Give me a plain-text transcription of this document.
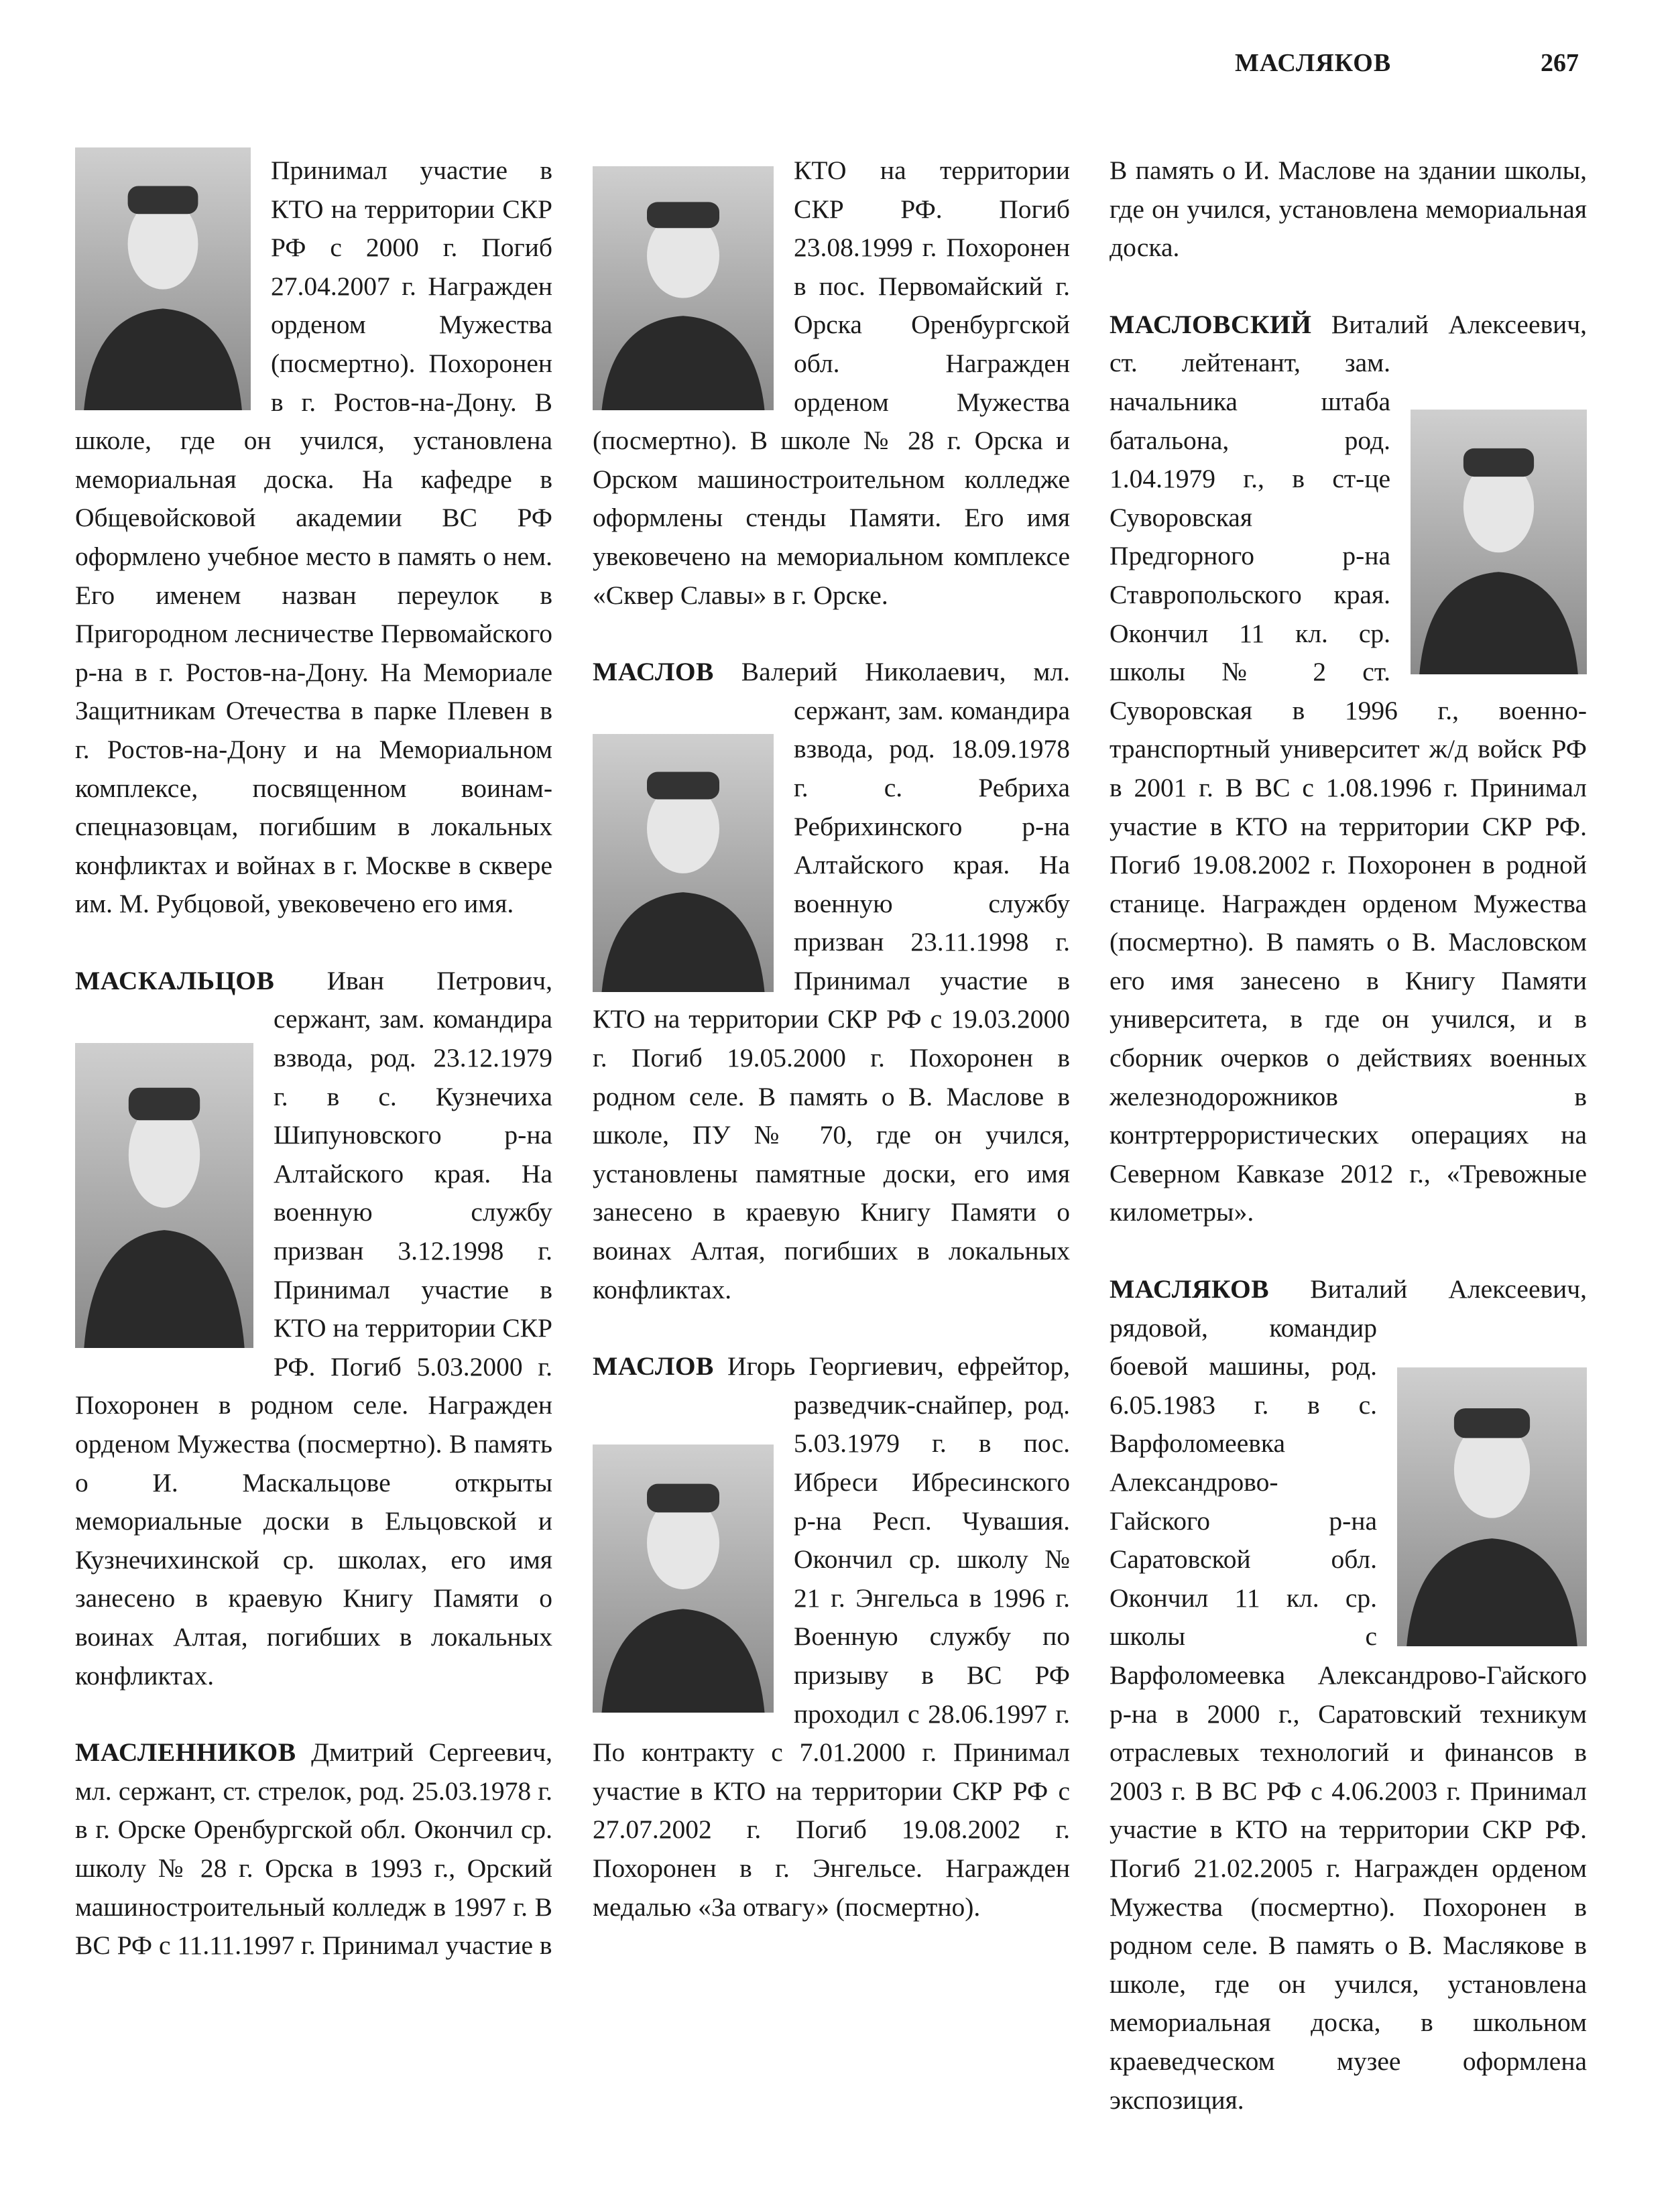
МАСЛЯКОВ	267

Принимал участие в КТО на территории СКР РФ с 2000 г. Погиб 27.04.2007 г. Награжден орденом Мужества (посмертно). Похоронен в г. Ростов-на-Дону. В школе, где он учился, установлена мемориальная доска. На кафедре в Общевойсковой академии ВС РФ оформлено учебное место в память о нем. Его именем назван переулок в Пригородном лесничестве Первомайского р-на в г. Ростов-на-Дону. На Мемориале Защитникам Отечества в парке Плевен в г. Ростов-на-Дону и на Мемориальном комплексе, посвященном воинам-спецназовцам, погибшим в локальных конфликтах и войнах в г. Москве в сквере им. М. Рубцовой, увековечено его имя.

МАСКАЛЬЦОВ Иван Петрович, сержант, зам. командира взвода, род. 23.12.1979 г. в с. Кузнечиха Шипуновского р-на Алтайского края. На военную службу призван 3.12.1998 г. Принимал участие в КТО на территории СКР РФ. Погиб 5.03.2000 г. Похоронен в родном селе. Награжден орденом Мужества (посмертно). В память о И. Маскальцове открыты мемориальные доски в Ельцовской и Кузнечихинской ср. школах, его имя занесено в краевую Книгу Памяти о воинах Алтая, погибших в локальных конфликтах.

МАСЛЕННИКОВ Дмитрий Сергеевич, мл. сержант, ст. стрелок, род. 25.03.1978 г. в г. Орске Оренбургской обл. Окончил ср. школу № 28 г. Орска в 1993 г., Орский машиностроительный колледж в 1997 г. В ВС РФ с 11.11.1997 г. Принимал участие в

КТО на территории СКР РФ. Погиб 23.08.1999 г. Похоронен в пос. Первомайский г. Орска Оренбургской обл. Награжден орденом Мужества (посмертно). В школе № 28 г. Орска и Орском машиностроительном колледже оформлены стенды Памяти. Его имя увековечено на мемориальном комплексе «Сквер Славы» в г. Орске.

МАСЛОВ Валерий Николаевич, мл. сержант, зам. командира взвода, род. 18.09.1978 г. с. Ребриха Ребрихинского р-на Алтайского края. На военную службу призван 23.11.1998 г. Принимал участие в КТО на территории СКР РФ с 19.03.2000 г. Погиб 19.05.2000 г. Похоронен в родном селе. В память о В. Маслове в школе, ПУ № 70, где он учился, установлены памятные доски, его имя занесено в краевую Книгу Памяти о воинах Алтая, погибших в локальных конфликтах.

МАСЛОВ Игорь Георгиевич, ефрейтор, разведчик-снайпер, род. 5.03.1979 г. в пос. Ибреси Ибресинского р-на Респ. Чувашия. Окончил ср. школу № 21 г. Энгельса в 1996 г. Военную службу по призыву в ВС РФ проходил с 28.06.1997 г. По контракту с 7.01.2000 г. Принимал участие в КТО на территории СКР РФ с 27.07.2002 г. Погиб 19.08.2002 г. Похоронен в г. Энгельсе. Награжден медалью «За отвагу» (посмертно).

В память о И. Маслове на здании школы, где он учился, установлена мемориальная доска.

МАСЛОВСКИЙ Виталий Алексеевич, ст. лейтенант, зам. начальника штаба батальона, род. 1.04.1979 г., в ст-це Суворовская Предгорного р-на Ставропольского края. Окончил 11 кл. ср. школы № 2 ст. Суворовская в 1996 г., военно-транспортный университет ж/д войск РФ в 2001 г. В ВС с 1.08.1996 г. Принимал участие в КТО на территории СКР РФ. Погиб 19.08.2002 г. Похоронен в родной станице. Награжден орденом Мужества (посмертно). В память о В. Масловском его имя занесено в Книгу Памяти университета, в где он учился, и в сборник очерков о действиях военных железнодорожников в контртеррористических операциях на Северном Кавказе 2012 г., «Тревожные километры».

МАСЛЯКОВ Виталий Алексеевич, рядовой, командир боевой машины, род. 6.05.1983 г. в с. Варфоломеевка Александрово-Гайского р-на Саратовской обл. Окончил 11 кл. ср. школы с Варфоломеевка Александрово-Гайского р-на в 2000 г., Саратовский техникум отраслевых технологий и финансов в 2003 г. В ВС РФ с 4.06.2003 г. Принимал участие в КТО на территории СКР РФ. Погиб 21.02.2005 г. Награжден орденом Мужества (посмертно). Похоронен в родном селе. В память о В. Маслякове в школе, где он учился, установлена мемориальная доска, в школьном краеведческом музее оформлена экспозиция.
